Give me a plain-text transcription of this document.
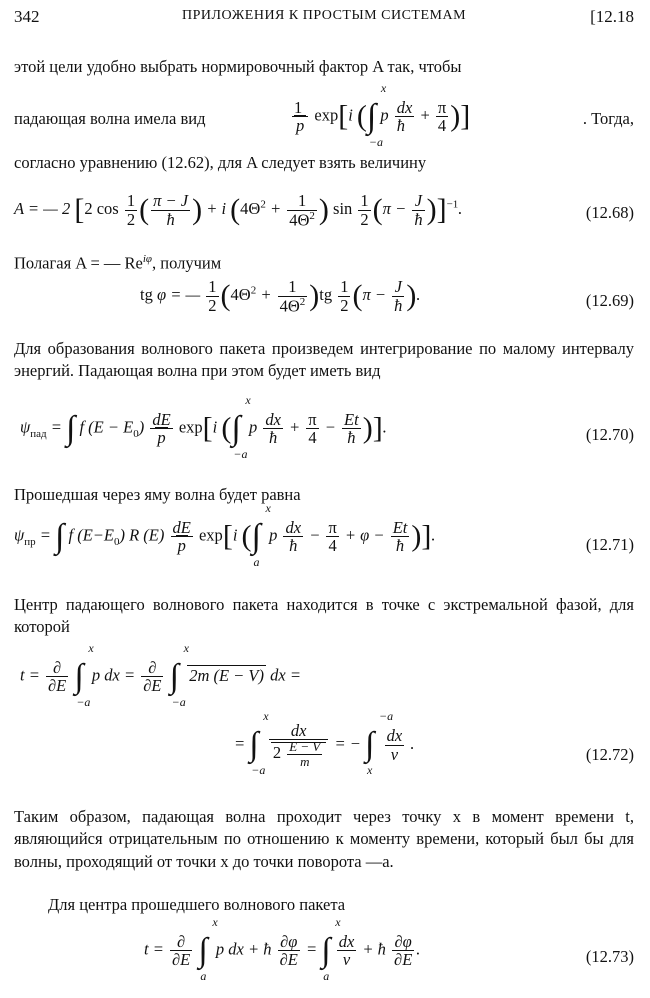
342	ПРИЛОЖЕНИЯ К ПРОСТЫМ СИСТЕМАМ	[12.18
этой цели удобно выбрать нормировочный фактор A так, чтобы
падающая волна имела вид	$\frac{1}{p} \exp[i$ (∫
x
−a
p $\frac{dx}{ħ} + \frac{\pi}{4}$ )]	. Тогда,
согласно уравнению (12.62), для A следует взять величину
A = — 2 [2 $\cos \frac{1}{2}$ ( $\frac{\pi - J}{ħ}$ ) + i ($4\Theta^2 + \frac{1}{4\Theta^2}$ ) $\sin \frac{1}{2} (\pi - \frac{J}{ħ} )]^{-1}$.	(12.68)
Полагая A = — $Re^{i\varphi}$, получим
tg φ = — $\frac{1}{2} (4\Theta^2 + \frac{1}{4\Theta^2} )tg \frac{1}{2} (\pi - \frac{J}{ħ}$ ).	(12.69)
Для образования волнового пакета произведем интегрирование по малому интервалу энергий. Падающая волна при этом будет иметь вид
$\psi_{пад}$ = ∫ f $(E - E_0) \frac{dE}{p} \exp[i$ (∫
x
−a
p $\frac{dx}{ħ} + \frac{\pi}{4} - \frac{Et}{ħ}$ )].	(12.70)
Прошедшая через яму волна будет равна
$\psi_{пр}$ = ∫ f $(E-E_0)$ R $(E) \frac{dE}{p} \exp[i$ (∫
x
a
p $\frac{dx}{ħ} - \frac{\pi}{4} + \varphi - \frac{Et}{ħ}$ )].	(12.71)
Центр падающего волнового пакета находится в точке с экстремальной фазой, для которой
$t = \frac{\partial}{\partial E}$ ∫
x
−a
p dx = $\frac{\partial}{\partial E}$ ∫
x
−a
2m (E − V) dx =
= ∫
x
−a

$\frac{dx}{2 \frac{E - V}{m}}$ = − ∫
−a
x

$\frac{dx}{v}$ .
(12.72)
Таким образом, падающая волна проходит через точку x в момент времени t, являющийся отрицательным по отношению к моменту времени, который был бы для волны, проходящий от точки x до точки поворота —a.
Для центра прошедшего волнового пакета
$t = \frac{\partial}{\partial E}$ ∫
x
a
p dx + ħ $\frac{\partial\varphi}{\partial E}$ = ∫
x
a

$\frac{dx}{v}$ + ħ $\frac{\partial\varphi}{\partial E}$ .	(12.73)
